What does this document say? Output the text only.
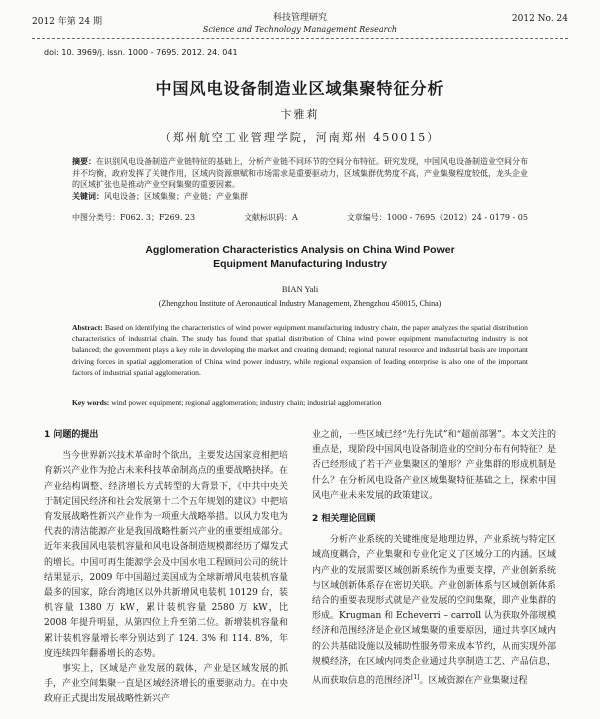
2012 年第 24 期	科技管理研究
Science and Technology Management Research
2012 No. 24
doi: 10. 3969/j. issn. 1000 - 7695. 2012. 24. 041
中国风电设备制造业区域集聚特征分析
卞雅莉
（郑州航空工业管理学院，河南郑州 450015）
摘要：在识别风电设备制造产业链特征的基础上，分析产业链不同环节的空间分布特征。研究发现，中国风电设备制造业空间分布并不均衡，政府发挥了关键作用，区域内资源禀赋和市场需求是重要驱动力，区域集群优势度不高，产业集聚程度较低，龙头企业的区域扩张也是推动产业空间集聚的重要因素。
关键词：风电设备；区域集聚；产业链；产业集群
中图分类号：F062. 3；F269. 23	文献标识码：A	文章编号：1000 - 7695（2012）24 - 0179 - 05
Agglomeration Characteristics Analysis on China Wind Power
Equipment Manufacturing Industry
BIAN Yali
(Zhengzhou Institute of Aeronautical Industry Management, Zhengzhou 450015, China)
Abstract: Based on identifying the characteristics of wind power equipment manufacturing industry chain, the paper analyzes the spatial distribution characteristics of industrial chain. The study has found that spatial distribution of China wind power equipment manufacturing industry is not balanced; the government plays a key role in developing the market and creating demand; regional natural resource and industrial basis are important driving forces in spatial agglomeration of China wind power industry, while regional expansion of leading enterprise is also one of the important factors of industrial spatial agglomeration.
Key words: wind power equipment; regional agglomeration; industry chain; industrial agglomeration
1 问题的提出

当今世界新兴技术革命时个欲出，主要发达国家竞相把培育新兴产业作为抢占未来科技革命制高点的重要战略抉择。在产业结构调整、经济增长方式转型的大背景下，《中共中央关于制定国民经济和社会发展第十二个五年规划的建议》中把培育发展战略性新兴产业作为一项重大战略举措。以风力发电为代表的清洁能源产业是我国战略性新兴产业的重要组成部分。近年来我国风电装机容量和风电设备制造规模都经历了爆发式的增长。中国可再生能源学会及中国水电工程顾问公司的统计结果显示，2009 年中国超过美国成为全球新增风电装机容量最多的国家，除台湾地区以外共新增风电装机 10129 台，装机容量 1380 万 kW，累计装机容量 2580 万 kW，比 2008 年提升明显，从第四位上升至第二位。新增装机容量和累计装机容量增长率分别达到了 124. 3% 和 114. 8%，年度连续四年翻番增长的态势。

事实上，区域是产业发展的载体，产业是区域发展的抓手，产业空间集聚一直是区域经济增长的重要驱动力。在中央政府正式提出发展战略性新兴产

业之前，一些区域已经“先行先试”和“超前部署”。本文关注的重点是，现阶段中国风电设备制造业的空间分布有何特征？是否已经形成了若干产业集聚区的雏形？产业集群的形成机制是什么？在分析风电设备产业区域集聚特征基础之上，探索中国风电产业未来发展的政策建议。

2 相关理论回顾

分析产业系统的关键维度是地理边界，产业系统与特定区域高度耦合，产业集聚和专业化定义了区域分工的内涵。区域内产业的发展需要区域创新系统作为重要支撑，产业创新系统与区域创新体系存在密切关联。产业创新体系与区域创新体系结合的重要表现形式就是产业发展的空间集聚，即产业集群的形成。Krugman 和 Echeverri – carroll 认为获取外部规模经济和范围经济是企业区域集聚的重要原因，通过共享区域内的公共基础设施以及辅助性服务带来成本节约，从而实现外部规模经济，在区域内同类企业通过共享制造工艺、产品信息，从而获取信息的范围经济[1]。区域资源在产业集聚过程
